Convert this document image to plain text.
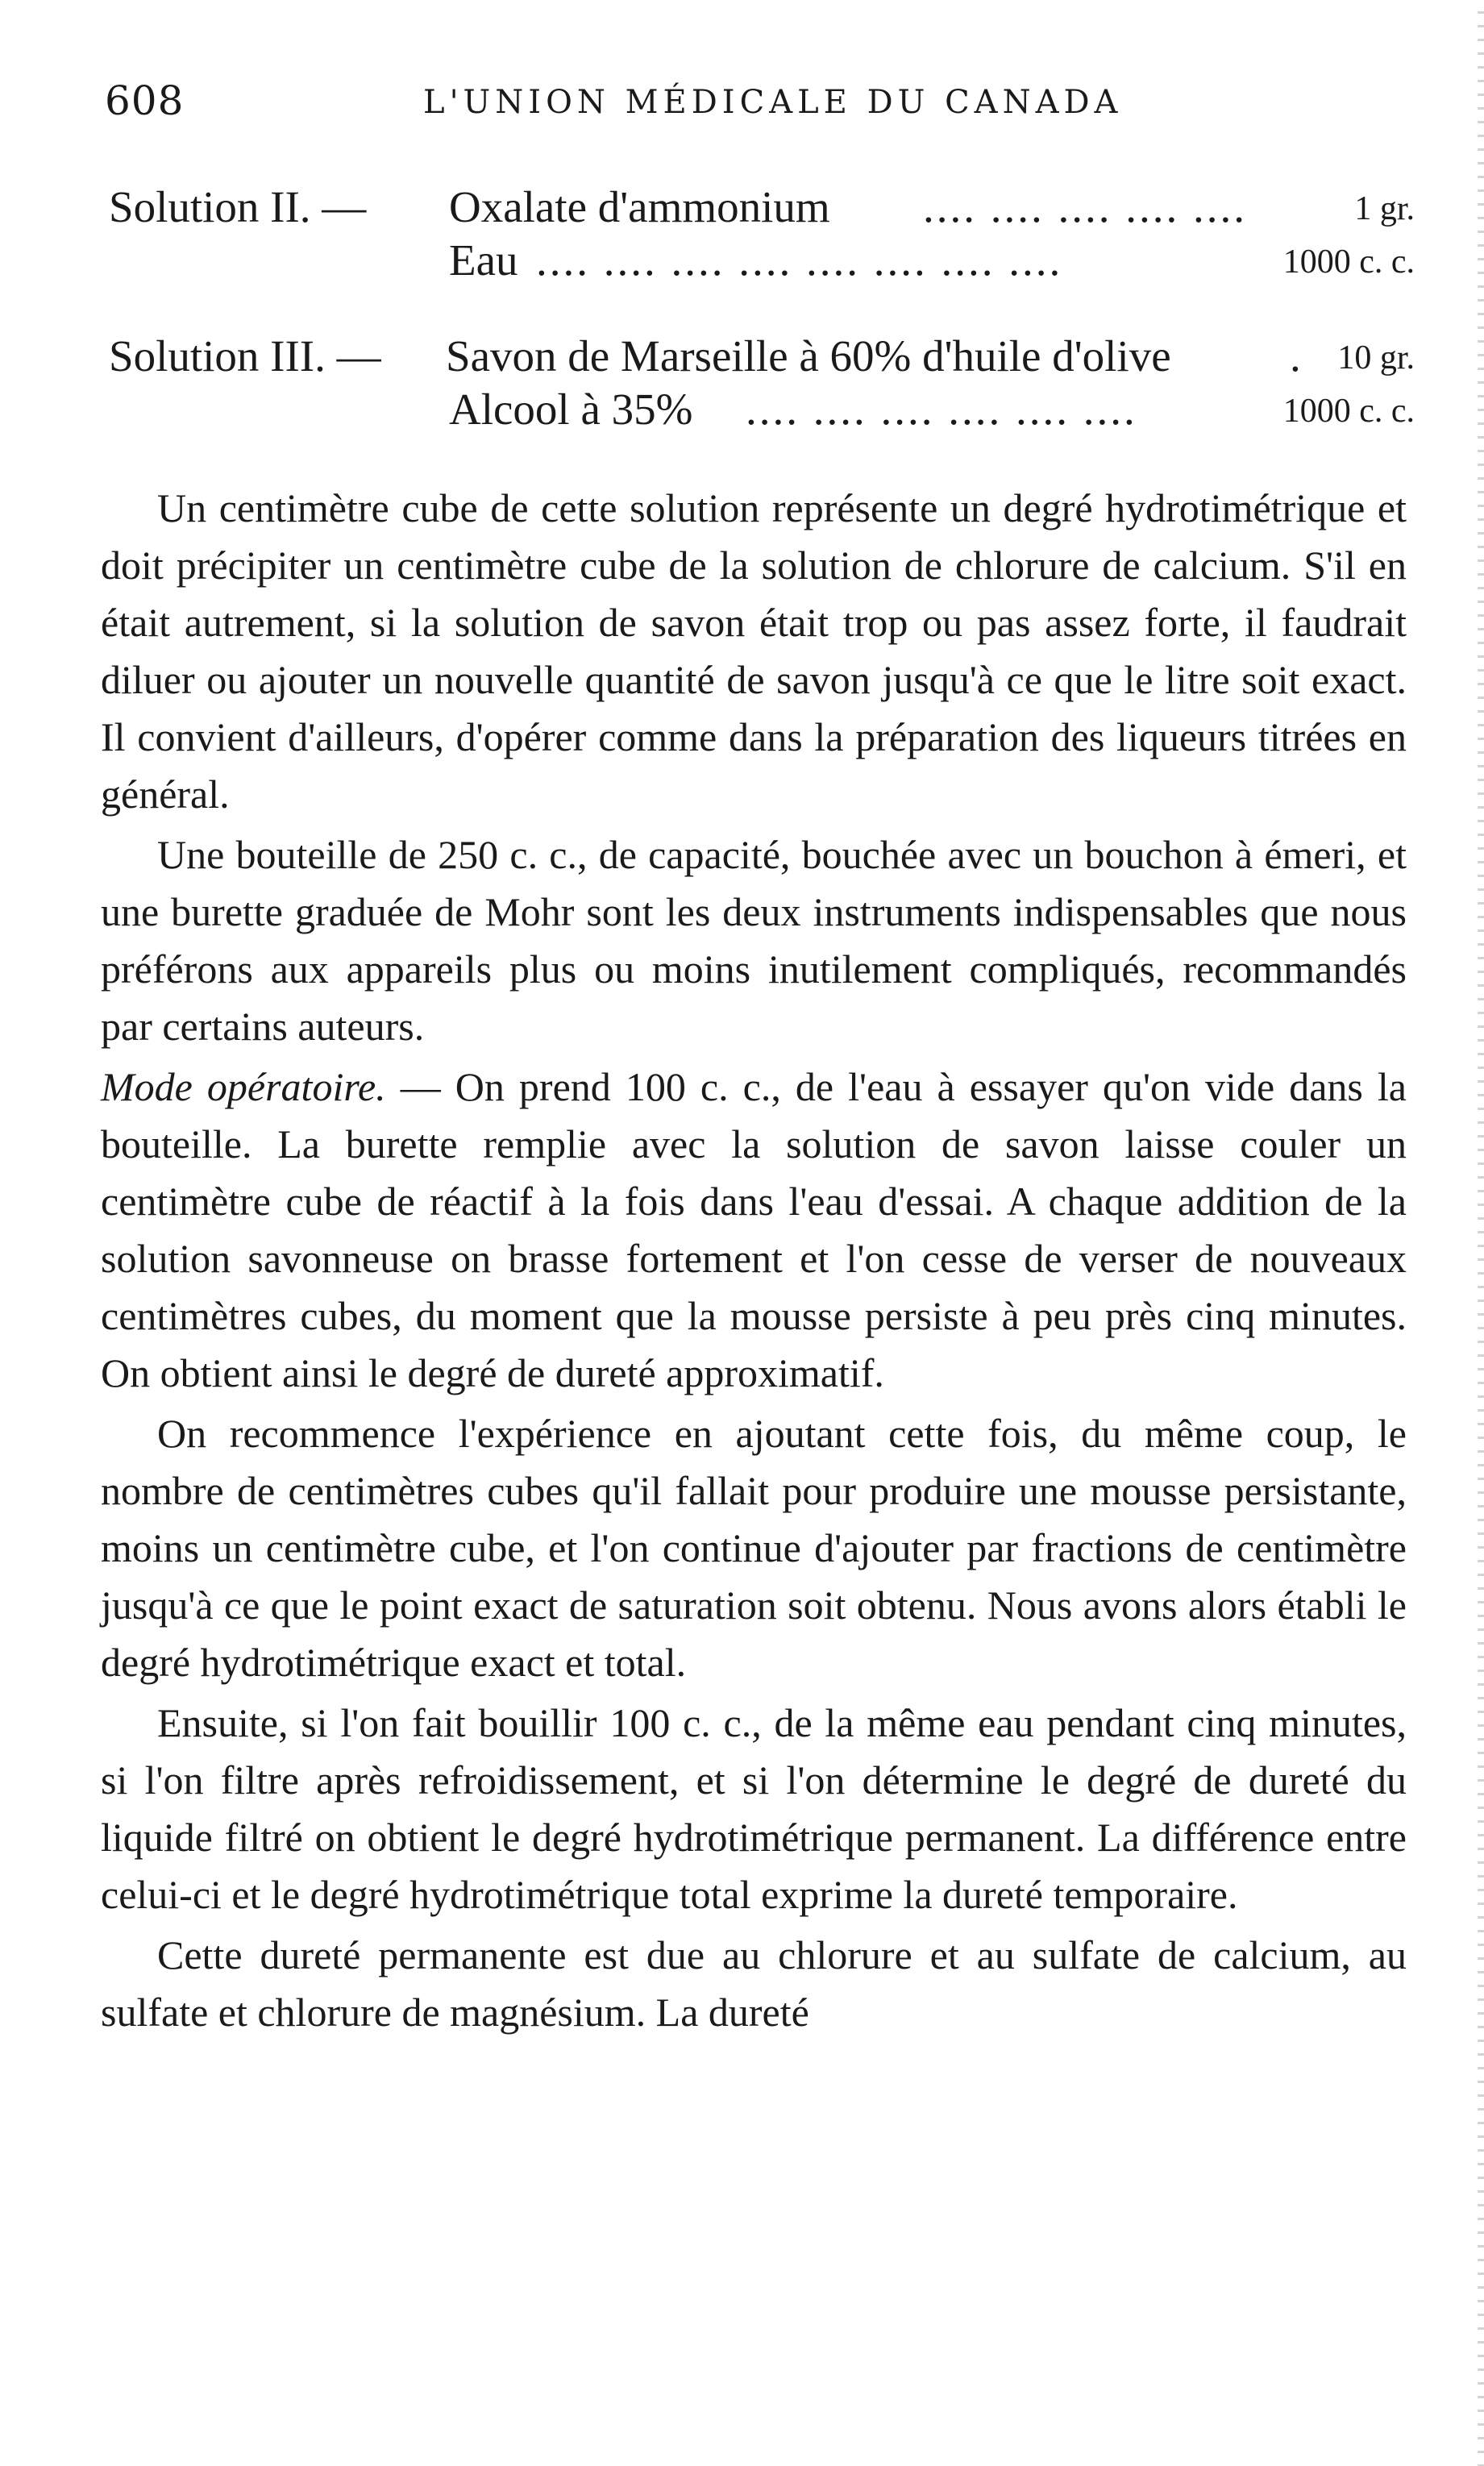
608	L'UNION MÉDICALE DU CANADA
Solution II. — Oxalate d'ammonium .... .... .... .... ....	1 gr.
Eau .... .... .... .... .... .... .... ....	1000 c. c.
Solution III. — Savon de Marseille à 60% d'huile d'olive	. 10 gr.
Alcool à 35% .... .... .... .... .... ....	1000 c. c.

Un centimètre cube de cette solution représente un degré hydrotimétrique et doit précipiter un centimètre cube de la solution de chlorure de calcium. S'il en était autrement, si la solution de savon était trop ou pas assez forte, il faudrait diluer ou ajouter un nouvelle quantité de savon jusqu'à ce que le litre soit exact. Il convient d'ailleurs, d'opérer comme dans la préparation des liqueurs titrées en général.

Une bouteille de 250 c. c., de capacité, bouchée avec un bouchon à émeri, et une burette graduée de Mohr sont les deux instruments indispensables que nous préférons aux appareils plus ou moins inutilement compliqués, recommandés par certains auteurs.

Mode opératoire. — On prend 100 c. c., de l'eau à essayer qu'on vide dans la bouteille. La burette remplie avec la solution de savon laisse couler un centimètre cube de réactif à la fois dans l'eau d'essai. A chaque addition de la solution savonneuse on brasse fortement et l'on cesse de verser de nouveaux centimètres cubes, du moment que la mousse persiste à peu près cinq minutes. On obtient ainsi le degré de dureté approximatif.

On recommence l'expérience en ajoutant cette fois, du même coup, le nombre de centimètres cubes qu'il fallait pour produire une mousse persistante, moins un centimètre cube, et l'on continue d'ajouter par fractions de centimètre jusqu'à ce que le point exact de saturation soit obtenu. Nous avons alors établi le degré hydrotimétrique exact et total.

Ensuite, si l'on fait bouillir 100 c. c., de la même eau pendant cinq minutes, si l'on filtre après refroidissement, et si l'on détermine le degré de dureté du liquide filtré on obtient le degré hydrotimétrique permanent. La différence entre celui-ci et le degré hydrotimétrique total exprime la dureté temporaire.

Cette dureté permanente est due au chlorure et au sulfate de calcium, au sulfate et chlorure de magnésium. La dureté
